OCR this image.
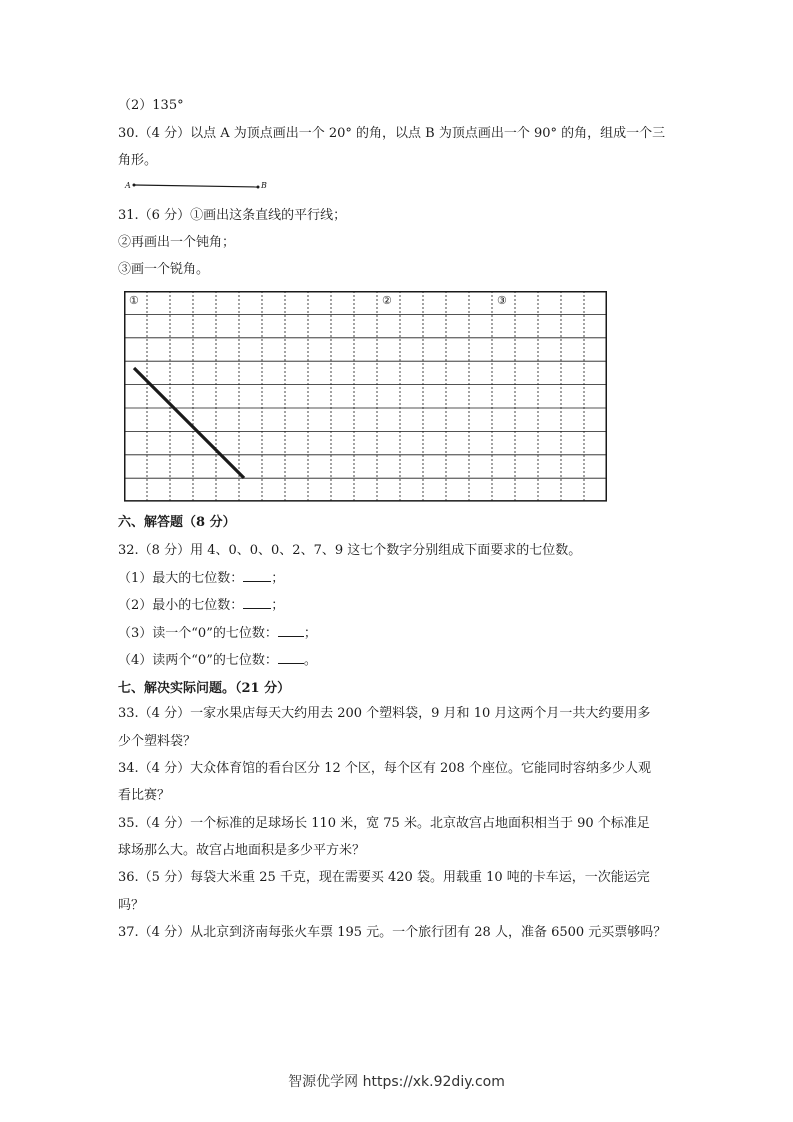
（2）135°
30.（4 分）以点 A 为顶点画出一个 20° 的角，以点 B 为顶点画出一个 90° 的角，组成一个三
角形。
A	B
31.（6 分）①画出这条直线的平行线；
②再画出一个钝角；
③画一个锐角。
①	②	③
六、解答题（8 分）
32.（8 分）用 4、0、0、0、2、7、9 这七个数字分别组成下面要求的七位数。
（1）最大的七位数： ；
（2）最小的七位数： ；
（3）读一个“0”的七位数： ；
（4）读两个“0”的七位数： 。
七、解决实际问题。（21 分）
33.（4 分）一家水果店每天大约用去 200 个塑料袋，9 月和 10 月这两个月一共大约要用多
少个塑料袋？
34.（4 分）大众体育馆的看台区分 12 个区，每个区有 208 个座位。它能同时容纳多少人观
看比赛？
35.（4 分）一个标准的足球场长 110 米，宽 75 米。北京故宫占地面积相当于 90 个标准足
球场那么大。故宫占地面积是多少平方米？
36.（5 分）每袋大米重 25 千克，现在需要买 420 袋。用载重 10 吨的卡车运，一次能运完
吗？
37.（4 分）从北京到济南每张火车票 195 元。一个旅行团有 28 人，准备 6500 元买票够吗？
智源优学网 https://xk.92diy.com
